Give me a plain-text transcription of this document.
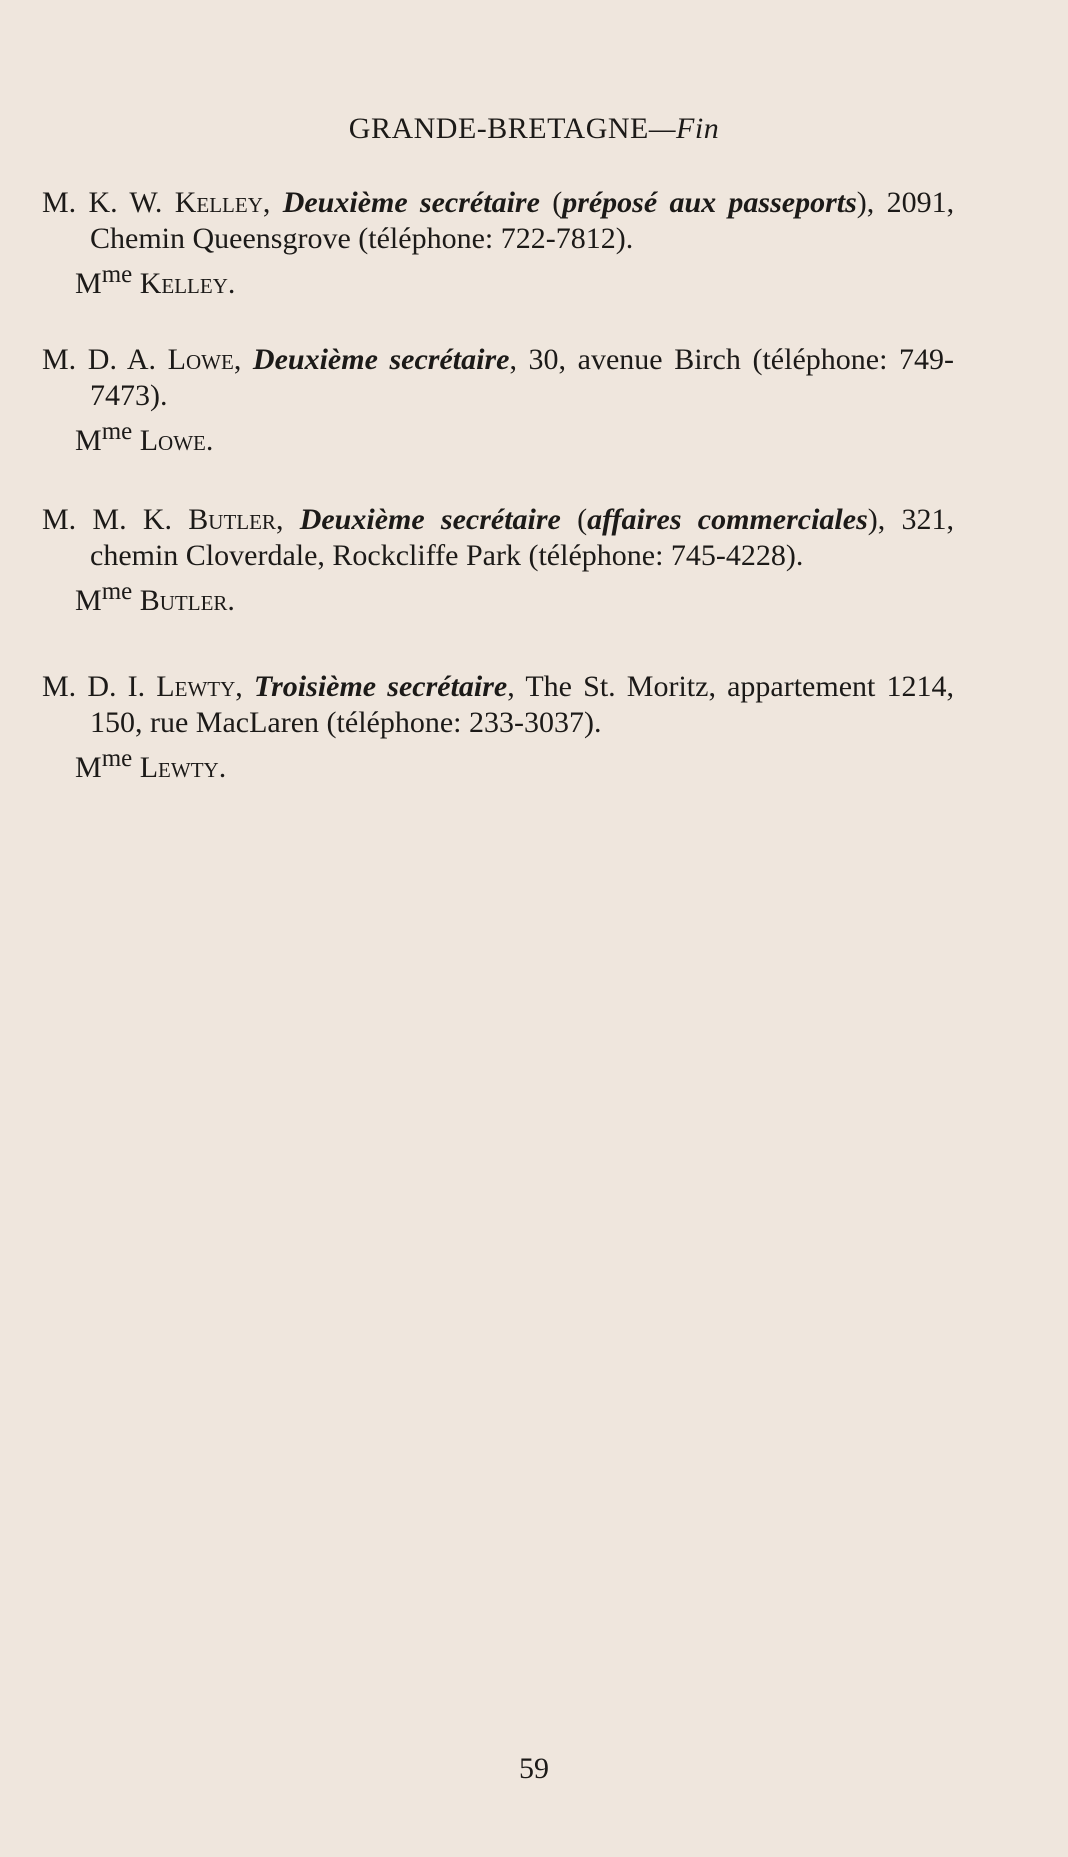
GRANDE-BRETAGNE—Fin

M. K. W. Kelley, Deuxième secrétaire (préposé aux passeports), 2091, Chemin Queensgrove (téléphone: 722-7812).

$M^{me}$ Kelley.

M. D. A. Lowe, Deuxième secrétaire, 30, avenue Birch (téléphone: 749-7473).

$M^{me}$ Lowe.

M. M. K. Butler, Deuxième secrétaire (affaires commerciales), 321, chemin Cloverdale, Rockcliffe Park (téléphone: 745-4228).

$M^{me}$ Butler.

M. D. I. Lewty, Troisième secrétaire, The St. Moritz, appartement 1214, 150, rue MacLaren (téléphone: 233-3037).

$M^{me}$ Lewty.

59
